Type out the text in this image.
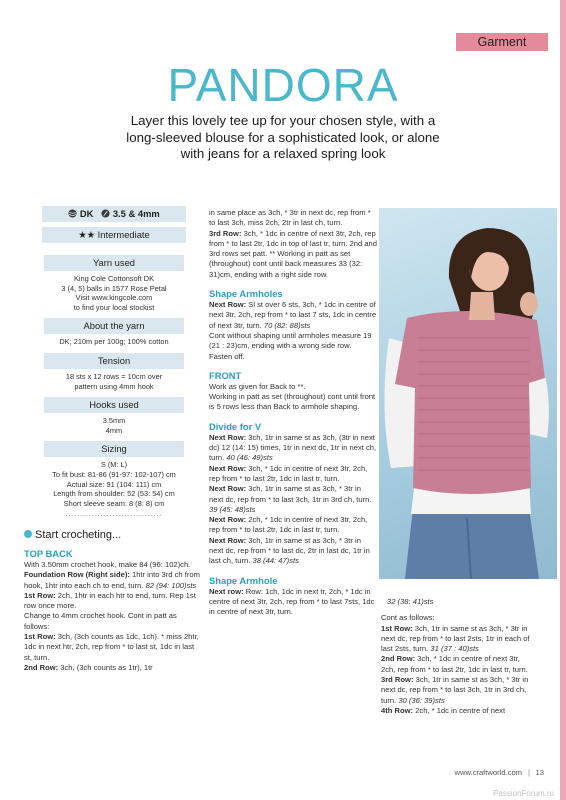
Garment
PANDORA

Layer this lovely tee up for your chosen style, with a long-sleeved blouse for a sophisticated look, or alone with jeans for a relaxed spring look

DK 3.5 & 4mm
★★ Intermediate
Yarn used
King Cole Cottonsoft DK
3 (4, 5) balls in 1577 Rose Petal
Visit www.kingcole.com
to find your local stockist
About the yarn
DK; 210m per 100g; 100% cotton
Tension
18 sts x 12 rows = 10cm over
pattern using 4mm hook
Hooks used
3.5mm
4mm
Sizing
S (M: L)
To fit bust: 81-86 (91-97: 102-107) cm
Actual size: 91 (104: 111) cm
Length from shoulder: 52 (53: 54) cm
Short sleeve seam: 8 (8: 8) cm
.................................
Start crocheting...
TOP BACK
With 3.50mm crochet hook, make 84 (96: 102)ch.
Foundation Row (Right side): 1htr into 3rd ch from hook, 1htr into each ch to end, turn. 82 (94: 100)sts
1st Row: 2ch, 1htr in each htr to end, turn. Rep 1st row once more.
Change to 4mm crochet hook. Cont in patt as follows:
1st Row: 3ch, (3ch counts as 1dc, 1ch). * miss 2htr, 1dc in next htr, 2ch, rep from * to last st, 1dc in last st, turn.
2nd Row: 3ch, (3ch counts as 1tr), 1tr
in same place as 3ch, * 3tr in next dc, rep from * to last 3ch, miss 2ch, 2tr in last ch, turn.
3rd Row: 3ch, * 1dc in centre of next 3tr, 2ch, rep from * to last 2tr, 1dc in top of last tr, turn. 2nd and 3rd rows set patt. ** Working in patt as set (throughout) cont until back measures 33 (32: 31)cm, ending with a right side row.
Shape Armholes
Next Row: Sl st over 6 sts, 3ch, * 1dc in centre of next 3tr, 2ch, rep from * to last 7 sts, 1dc in centre of next 3tr, turn. 70 (82: 88)sts
Cont without shaping until armholes measure 19 (21 : 23)cm, ending with a wrong side row.
Fasten off.
FRONT
Work as given for Back to **.
Working in patt as set (throughout) cont until front is 5 rows less than Back to armhole shaping.
Divide for V
Next Row: 3ch, 1tr in same st as 3ch, (3tr in next dc) 12 (14: 15) times, 1tr in next dc, 1tr in next ch, turn. 40 (46: 49)sts
Next Row: 3ch, * 1dc in centre of next 3tr, 2ch, rep from * to last 2tr, 1dc in last tr, turn.
Next Row: 3ch, 1tr in same st as 3ch, * 3tr in next dc, rep from * to last 3ch, 1tr in 3rd ch, turn. 39 (45: 48)sts
Next Row: 2ch, * 1dc in centre of next 3tr, 2ch, rep from * to last 2tr, 1dc in last tr, turn.
Next Row: 3ch, 1tr in same st as 3ch, * 3tr in next dc, rep from * to last dc, 2tr in last dc, 1tr in last ch, turn. 38 (44: 47)sts
Shape Armhole
Next row: Row: 1ch, 1dc in next tr, 2ch, * 1dc in centre of next 3tr, 2ch, rep from * to last 7sts, 1dc in centre of next 3tr, turn.
32 (38: 41)sts
Cont as follows:
1st Row: 3ch, 1tr in same st as 3ch, * 3tr in next dc, rep from * to last 2sts, 1tr in each of last 2sts, turn. 31 (37 : 40)sts
2nd Row: 3ch, * 1dc in centre of next 3tr, 2ch, rep from * to last 2tr, 1dc in last tr, turn.
3rd Row: 3ch, 1tr in same st as 3ch, * 3tr in next dc, rep from * to last 3ch, 1tr in 3rd ch, turn. 30 (36: 39)sts
4th Row: 2ch, * 1dc in centre of next
www.craftworld.com | 13
PassionForum.ru
